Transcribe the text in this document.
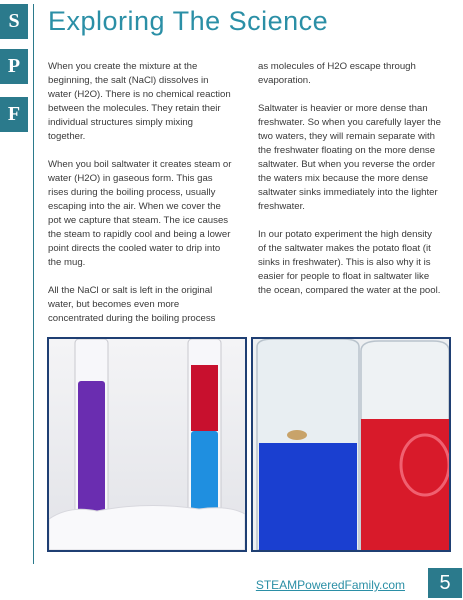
S
P
F
Exploring The Science

When you create the mixture at the beginning, the salt (NaCl) dissolves in water (H2O). There is no chemical reaction between the molecules. They retain their individual structures simply mixing together.

When you boil saltwater it creates steam or water (H2O) in gaseous form. This gas rises during the boiling process, usually escaping into the air. When we cover the pot we capture that steam. The ice causes the steam to rapidly cool and being a lower point directs the cooled water to drip into the mug.

All the NaCl or salt is left in the original water, but becomes even more concentrated during the boiling process

as molecules of H2O escape through evaporation.

Saltwater is heavier or more dense than freshwater. So when you carefully layer the two waters, they will remain separate with the freshwater floating on the more dense saltwater. But when you reverse the order the waters mix because the more dense saltwater sinks immediately into the lighter freshwater.

In our potato experiment the high density of the saltwater makes the potato float (it sinks in freshwater). This is also why it is easier for people to float in saltwater like the ocean, compared the water at the pool.

STEAMPoweredFamily.com	5
